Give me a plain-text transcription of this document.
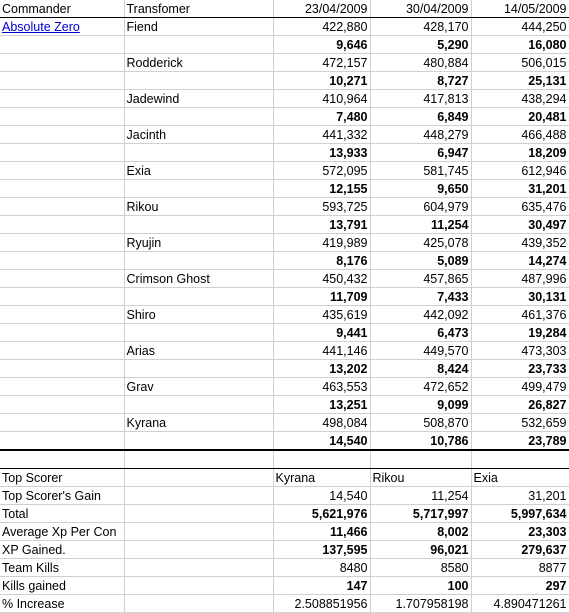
Commander	Transfomer	23/04/2009	30/04/2009	14/05/2009
Absolute Zero	Fiend	422,880	428,170	444,250
		9,646	5,290	16,080
	Rodderick	472,157	480,884	506,015
		10,271	8,727	25,131
	Jadewind	410,964	417,813	438,294
		7,480	6,849	20,481
	Jacinth	441,332	448,279	466,488
		13,933	6,947	18,209
	Exia	572,095	581,745	612,946
		12,155	9,650	31,201
	Rikou	593,725	604,979	635,476
		13,791	11,254	30,497
	Ryujin	419,989	425,078	439,352
		8,176	5,089	14,274
	Crimson Ghost	450,432	457,865	487,996
		11,709	7,433	30,131
	Shiro	435,619	442,092	461,376
		9,441	6,473	19,284
	Arias	441,146	449,570	473,303
		13,202	8,424	23,733
	Grav	463,553	472,652	499,479
		13,251	9,099	26,827
	Kyrana	498,084	508,870	532,659
		14,540	10,786	23,789

Top Scorer		Kyrana	Rikou	Exia
Top Scorer's Gain		14,540	11,254	31,201
Total		5,621,976	5,717,997	5,997,634
Average Xp Per Con		11,466	8,002	23,303
XP Gained.		137,595	96,021	279,637
Team Kills		8480	8580	8877
Kills gained		147	100	297
% Increase		2.508851956	1.707958198	4.890471261
